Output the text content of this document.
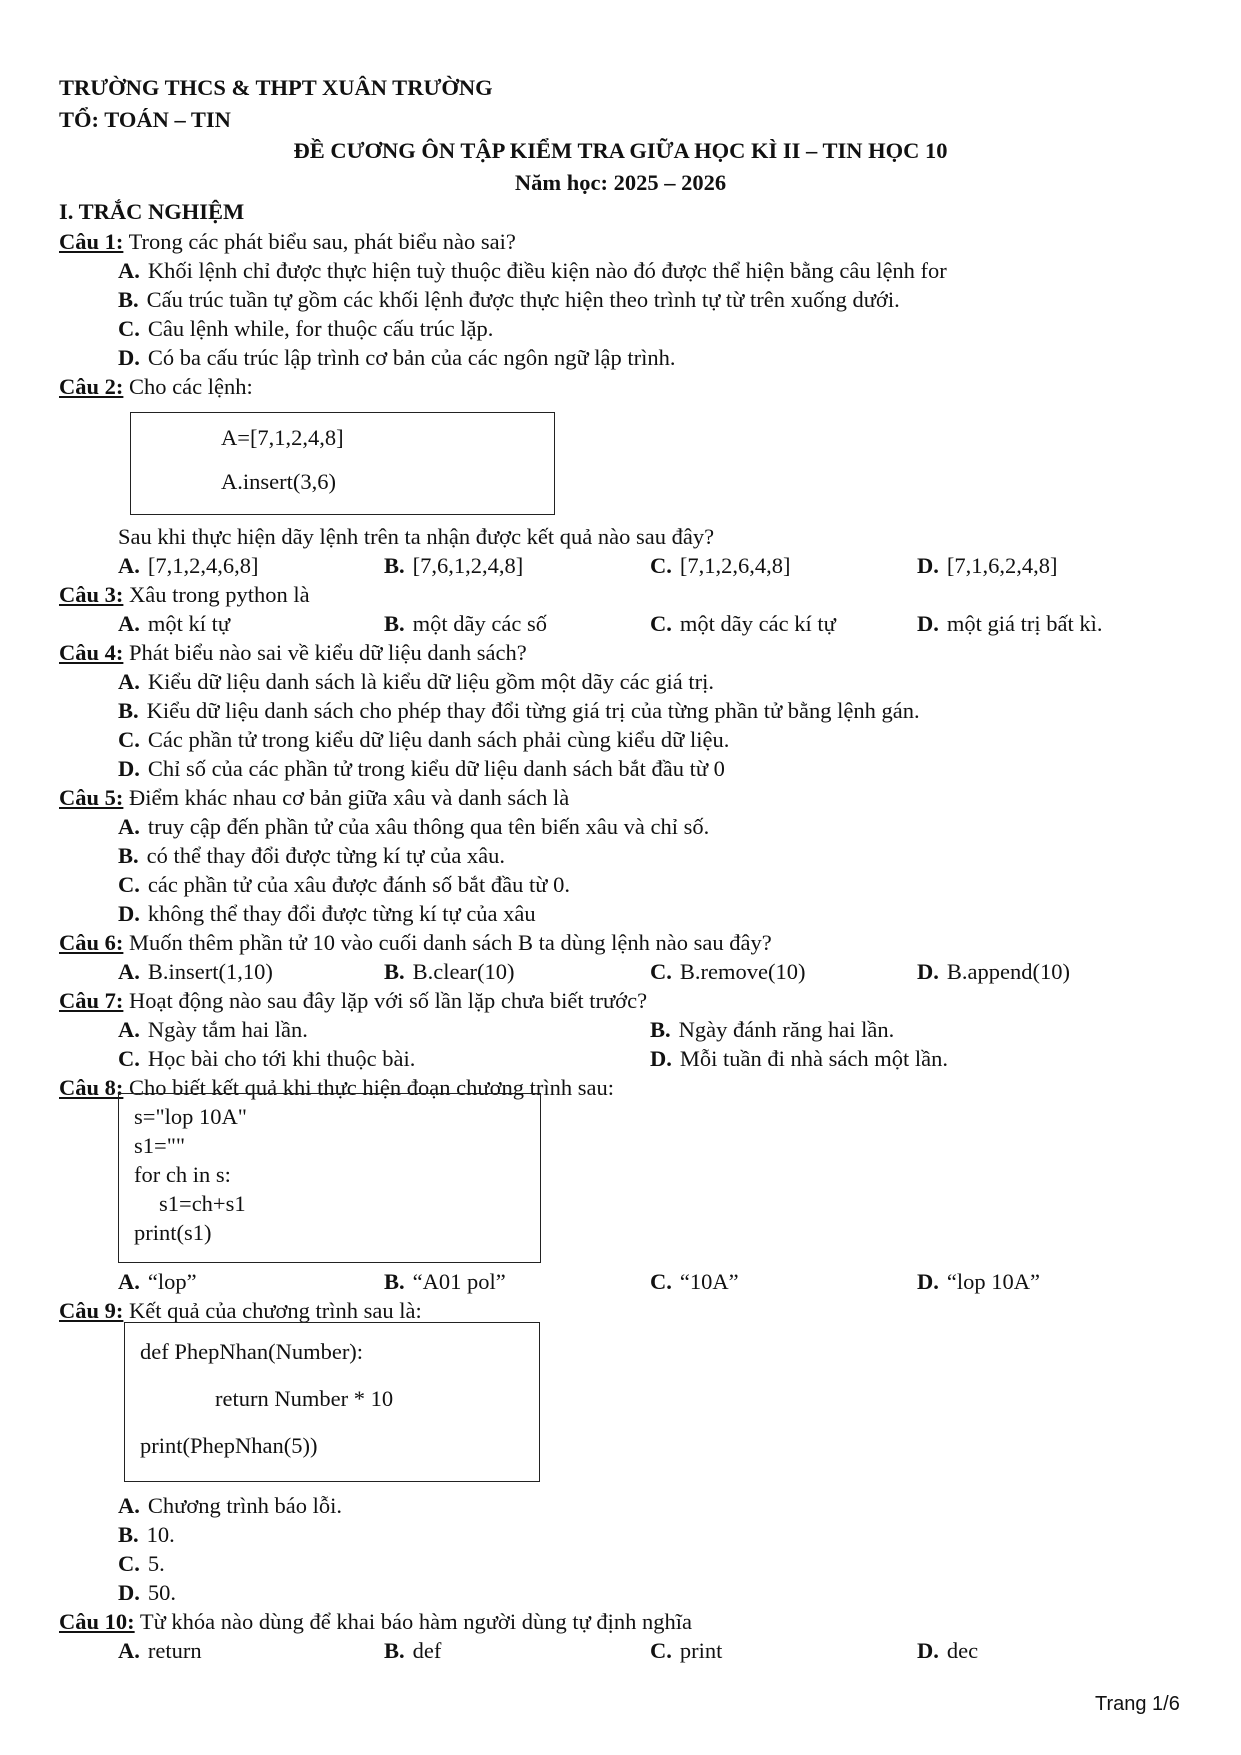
TRƯỜNG THCS & THPT XUÂN TRƯỜNG
TỔ: TOÁN – TIN
ĐỀ CƯƠNG ÔN TẬP KIỂM TRA GIỮA HỌC KÌ II – TIN HỌC 10
Năm học: 2025 – 2026
I. TRẮC NGHIỆM
Câu 1: Trong các phát biểu sau, phát biểu nào sai?
A. Khối lệnh chỉ được thực hiện tuỳ thuộc điều kiện nào đó được thể hiện bằng câu lệnh for
B. Cấu trúc tuần tự gồm các khối lệnh được thực hiện theo trình tự từ trên xuống dưới.
C. Câu lệnh while, for thuộc cấu trúc lặp.
D. Có ba cấu trúc lập trình cơ bản của các ngôn ngữ lập trình.
Câu 2: Cho các lệnh:
A=[7,1,2,4,8]
A.insert(3,6)
Sau khi thực hiện dãy lệnh trên ta nhận được kết quả nào sau đây?
A. [7,1,2,4,6,8]	B. [7,6,1,2,4,8]	C. [7,1,2,6,4,8]	D. [7,1,6,2,4,8]
Câu 3: Xâu trong python là
A. một kí tự	B. một dãy các số	C. một dãy các kí tự	D. một giá trị bất kì.
Câu 4: Phát biểu nào sai về kiểu dữ liệu danh sách?
A. Kiểu dữ liệu danh sách là kiểu dữ liệu gồm một dãy các giá trị.
B. Kiểu dữ liệu danh sách cho phép thay đổi từng giá trị của từng phần tử bằng lệnh gán.
C. Các phần tử trong kiểu dữ liệu danh sách phải cùng kiểu dữ liệu.
D. Chỉ số của các phần tử trong kiểu dữ liệu danh sách bắt đầu từ 0
Câu 5: Điểm khác nhau cơ bản giữa xâu và danh sách là
A. truy cập đến phần tử của xâu thông qua tên biến xâu và chỉ số.
B. có thể thay đổi được từng kí tự của xâu.
C. các phần tử của xâu được đánh số bắt đầu từ 0.
D. không thể thay đổi được từng kí tự của xâu
Câu 6: Muốn thêm phần tử 10 vào cuối danh sách B ta dùng lệnh nào sau đây?
A. B.insert(1,10)	B. B.clear(10)	C. B.remove(10)	D. B.append(10)
Câu 7: Hoạt động nào sau đây lặp với số lần lặp chưa biết trước?
A. Ngày tắm hai lần.	B. Ngày đánh răng hai lần.
C. Học bài cho tới khi thuộc bài.	D. Mỗi tuần đi nhà sách một lần.
Câu 8: Cho biết kết quả khi thực hiện đoạn chương trình sau:
s="lop 10A"
s1=""
for ch in s:
s1=ch+s1
print(s1)
A. “lop”	B. “A01 pol”	C. “10A”	D. “lop 10A”
Câu 9: Kết quả của chương trình sau là:
def PhepNhan(Number):
return Number * 10
print(PhepNhan(5))
A. Chương trình báo lỗi.
B. 10.
C. 5.
D. 50.
Câu 10: Từ khóa nào dùng để khai báo hàm người dùng tự định nghĩa
A. return	B. def	C. print	D. dec
Trang 1/6
